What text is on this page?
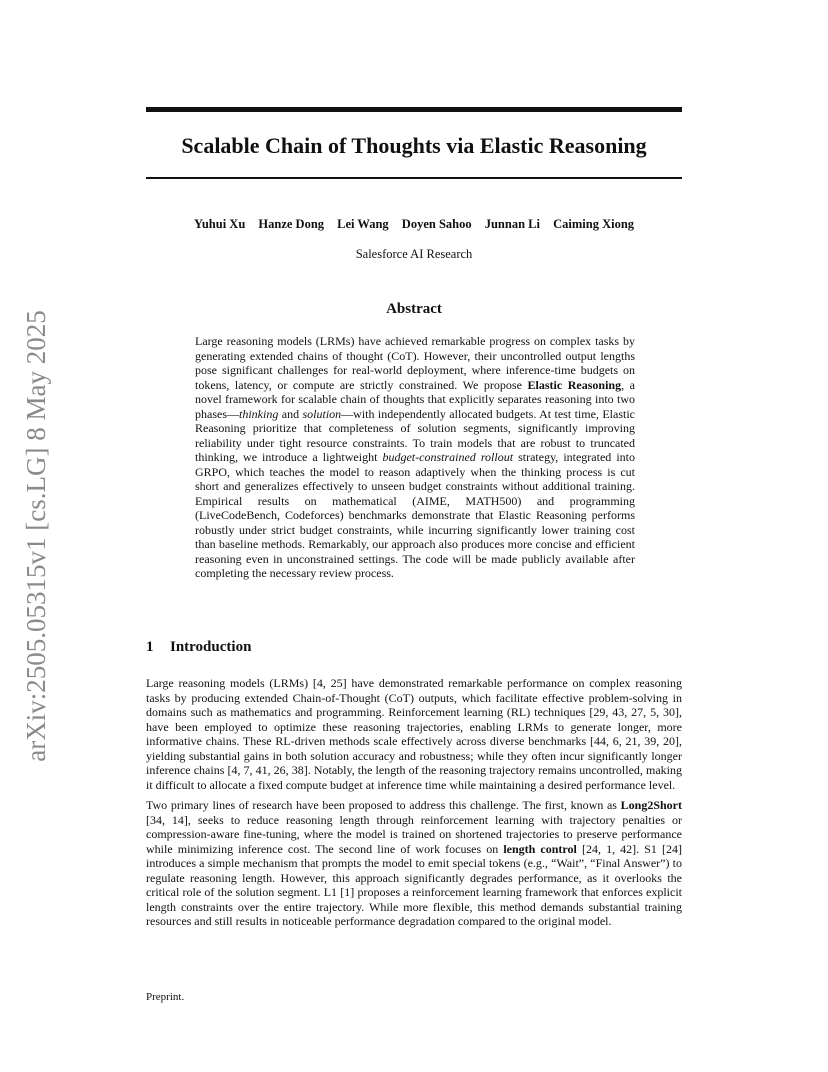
arXiv:2505.05315v1 [cs.LG] 8 May 2025
Scalable Chain of Thoughts via Elastic Reasoning
Yuhui Xu Hanze Dong Lei Wang Doyen Sahoo Junnan Li Caiming Xiong
Salesforce AI Research
Abstract

Large reasoning models (LRMs) have achieved remarkable progress on complex tasks by generating extended chains of thought (CoT). However, their uncontrolled output lengths pose significant challenges for real-world deployment, where inference-time budgets on tokens, latency, or compute are strictly constrained. We propose Elastic Reasoning, a novel framework for scalable chain of thoughts that explicitly separates reasoning into two phases—thinking and solution—with independently allocated budgets. At test time, Elastic Reasoning prioritize that completeness of solution segments, significantly improving reliability under tight resource constraints. To train models that are robust to truncated thinking, we introduce a lightweight budget-constrained rollout strategy, integrated into GRPO, which teaches the model to reason adaptively when the thinking process is cut short and generalizes effectively to unseen budget constraints without additional training. Empirical results on mathematical (AIME, MATH500) and programming (LiveCodeBench, Codeforces) benchmarks demonstrate that Elastic Reasoning performs robustly under strict budget constraints, while incurring significantly lower training cost than baseline methods. Remarkably, our approach also produces more concise and efficient reasoning even in unconstrained settings. The code will be made publicly available after completing the necessary review process.

1 Introduction

Large reasoning models (LRMs) [4, 25] have demonstrated remarkable performance on complex reasoning tasks by producing extended Chain-of-Thought (CoT) outputs, which facilitate effective problem-solving in domains such as mathematics and programming. Reinforcement learning (RL) techniques [29, 43, 27, 5, 30], have been employed to optimize these reasoning trajectories, enabling LRMs to generate longer, more informative chains. These RL-driven methods scale effectively across diverse benchmarks [44, 6, 21, 39, 20], yielding substantial gains in both solution accuracy and robustness; while they often incur significantly longer inference chains [4, 7, 41, 26, 38]. Notably, the length of the reasoning trajectory remains uncontrolled, making it difficult to allocate a fixed compute budget at inference time while maintaining a desired performance level.

Two primary lines of research have been proposed to address this challenge. The first, known as Long2Short [34, 14], seeks to reduce reasoning length through reinforcement learning with trajectory penalties or compression-aware fine-tuning, where the model is trained on shortened trajectories to preserve performance while minimizing inference cost. The second line of work focuses on length control [24, 1, 42]. S1 [24] introduces a simple mechanism that prompts the model to emit special tokens (e.g., “Wait”, “Final Answer”) to regulate reasoning length. However, this approach significantly degrades performance, as it overlooks the critical role of the solution segment. L1 [1] proposes a reinforcement learning framework that enforces explicit length constraints over the entire trajectory. While more flexible, this method demands substantial training resources and still results in noticeable performance degradation compared to the original model.

Preprint.
